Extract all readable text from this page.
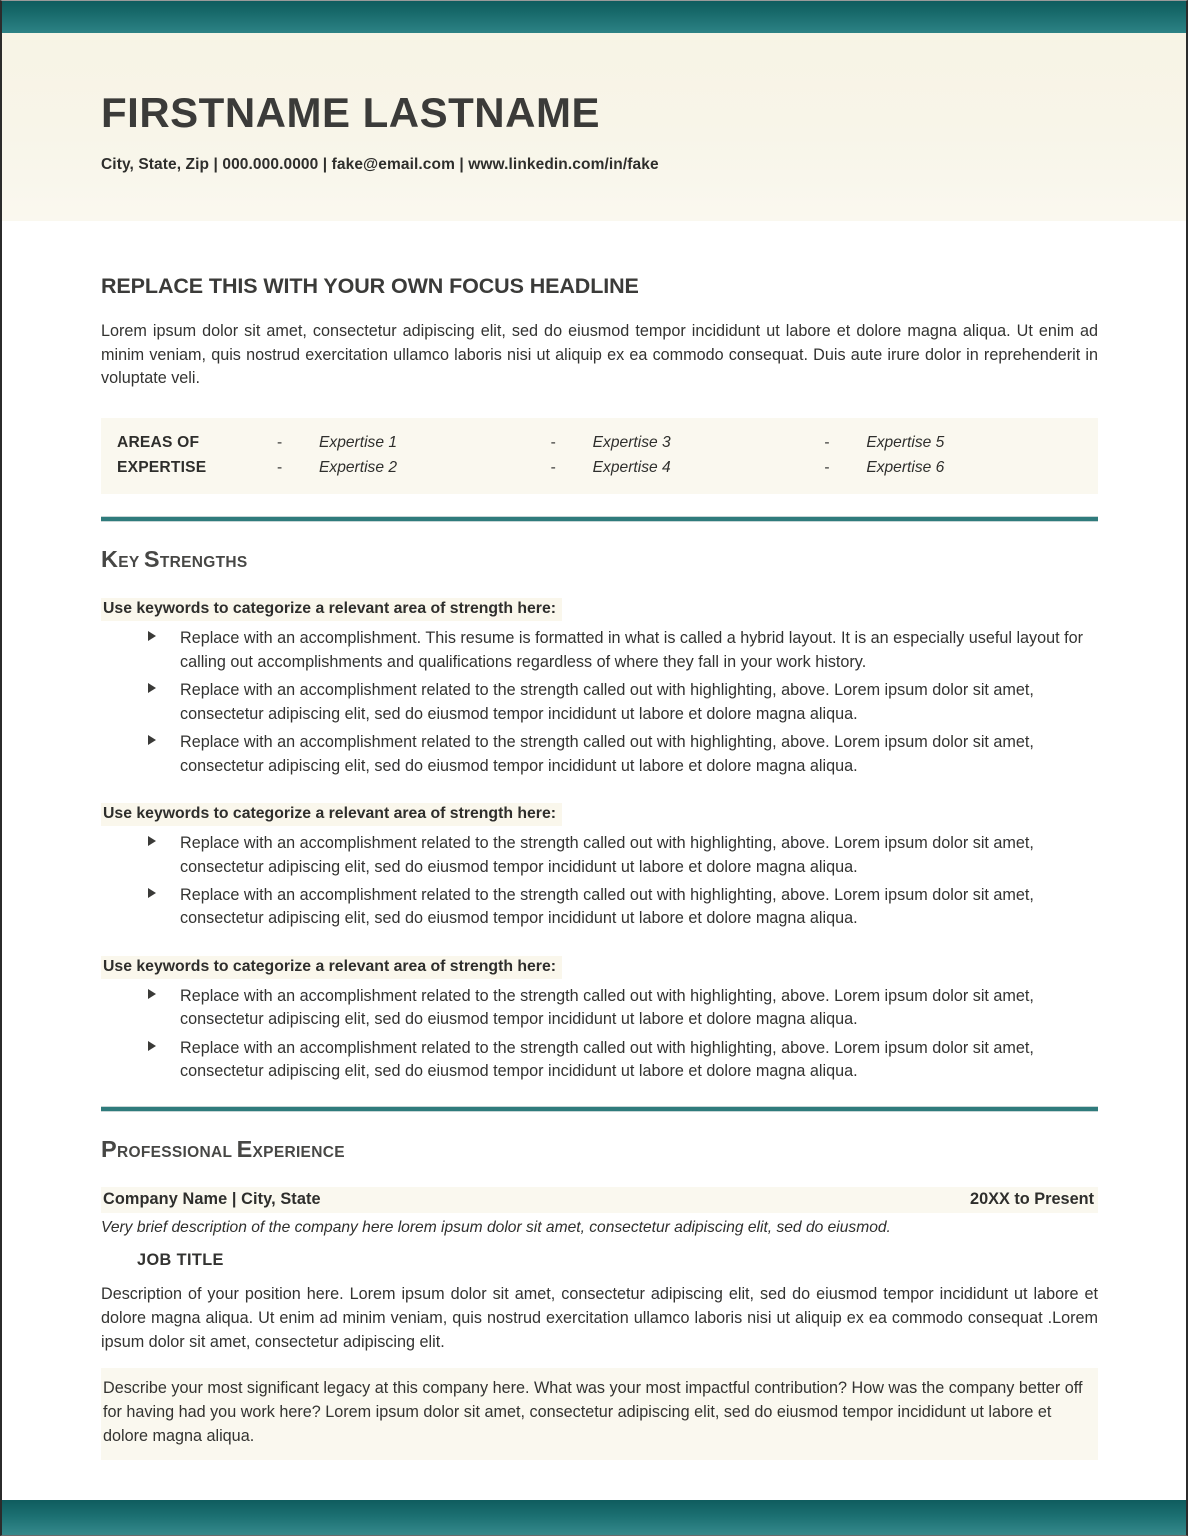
FIRSTNAME LASTNAME
City, State, Zip | 000.000.0000 | fake@email.com | www.linkedin.com/in/fake
REPLACE THIS WITH YOUR OWN FOCUS HEADLINE

Lorem ipsum dolor sit amet, consectetur adipiscing elit, sed do eiusmod tempor incididunt ut labore et dolore magna aliqua. Ut enim ad minim veniam, quis nostrud exercitation ullamco laboris nisi ut aliquip ex ea commodo consequat. Duis aute irure dolor in reprehenderit in voluptate veli.

AREAS OF	-	Expertise 1	-	Expertise 3	-	Expertise 5
EXPERTISE	-	Expertise 2	-	Expertise 4	-	Expertise 6
KEY STRENGTHS
Use keywords to categorize a relevant area of strength here:
Replace with an accomplishment. This resume is formatted in what is called a hybrid layout. It is an especially useful layout for calling out accomplishments and qualifications regardless of where they fall in your work history.
Replace with an accomplishment related to the strength called out with highlighting, above. Lorem ipsum dolor sit amet, consectetur adipiscing elit, sed do eiusmod tempor incididunt ut labore et dolore magna aliqua.
Replace with an accomplishment related to the strength called out with highlighting, above. Lorem ipsum dolor sit amet, consectetur adipiscing elit, sed do eiusmod tempor incididunt ut labore et dolore magna aliqua.
Use keywords to categorize a relevant area of strength here:
Replace with an accomplishment related to the strength called out with highlighting, above. Lorem ipsum dolor sit amet, consectetur adipiscing elit, sed do eiusmod tempor incididunt ut labore et dolore magna aliqua.
Replace with an accomplishment related to the strength called out with highlighting, above. Lorem ipsum dolor sit amet, consectetur adipiscing elit, sed do eiusmod tempor incididunt ut labore et dolore magna aliqua.
Use keywords to categorize a relevant area of strength here:
Replace with an accomplishment related to the strength called out with highlighting, above. Lorem ipsum dolor sit amet, consectetur adipiscing elit, sed do eiusmod tempor incididunt ut labore et dolore magna aliqua.
Replace with an accomplishment related to the strength called out with highlighting, above. Lorem ipsum dolor sit amet, consectetur adipiscing elit, sed do eiusmod tempor incididunt ut labore et dolore magna aliqua.
PROFESSIONAL EXPERIENCE
Company Name | City, State	20XX to Present

Very brief description of the company here lorem ipsum dolor sit amet, consectetur adipiscing elit, sed do eiusmod.

JOB TITLE

Description of your position here. Lorem ipsum dolor sit amet, consectetur adipiscing elit, sed do eiusmod tempor incididunt ut labore et dolore magna aliqua. Ut enim ad minim veniam, quis nostrud exercitation ullamco laboris nisi ut aliquip ex ea commodo consequat .Lorem ipsum dolor sit amet, consectetur adipiscing elit.

Describe your most significant legacy at this company here. What was your most impactful contribution? How was the company better off for having had you work here? Lorem ipsum dolor sit amet, consectetur adipiscing elit, sed do eiusmod tempor incididunt ut labore et dolore magna aliqua.
